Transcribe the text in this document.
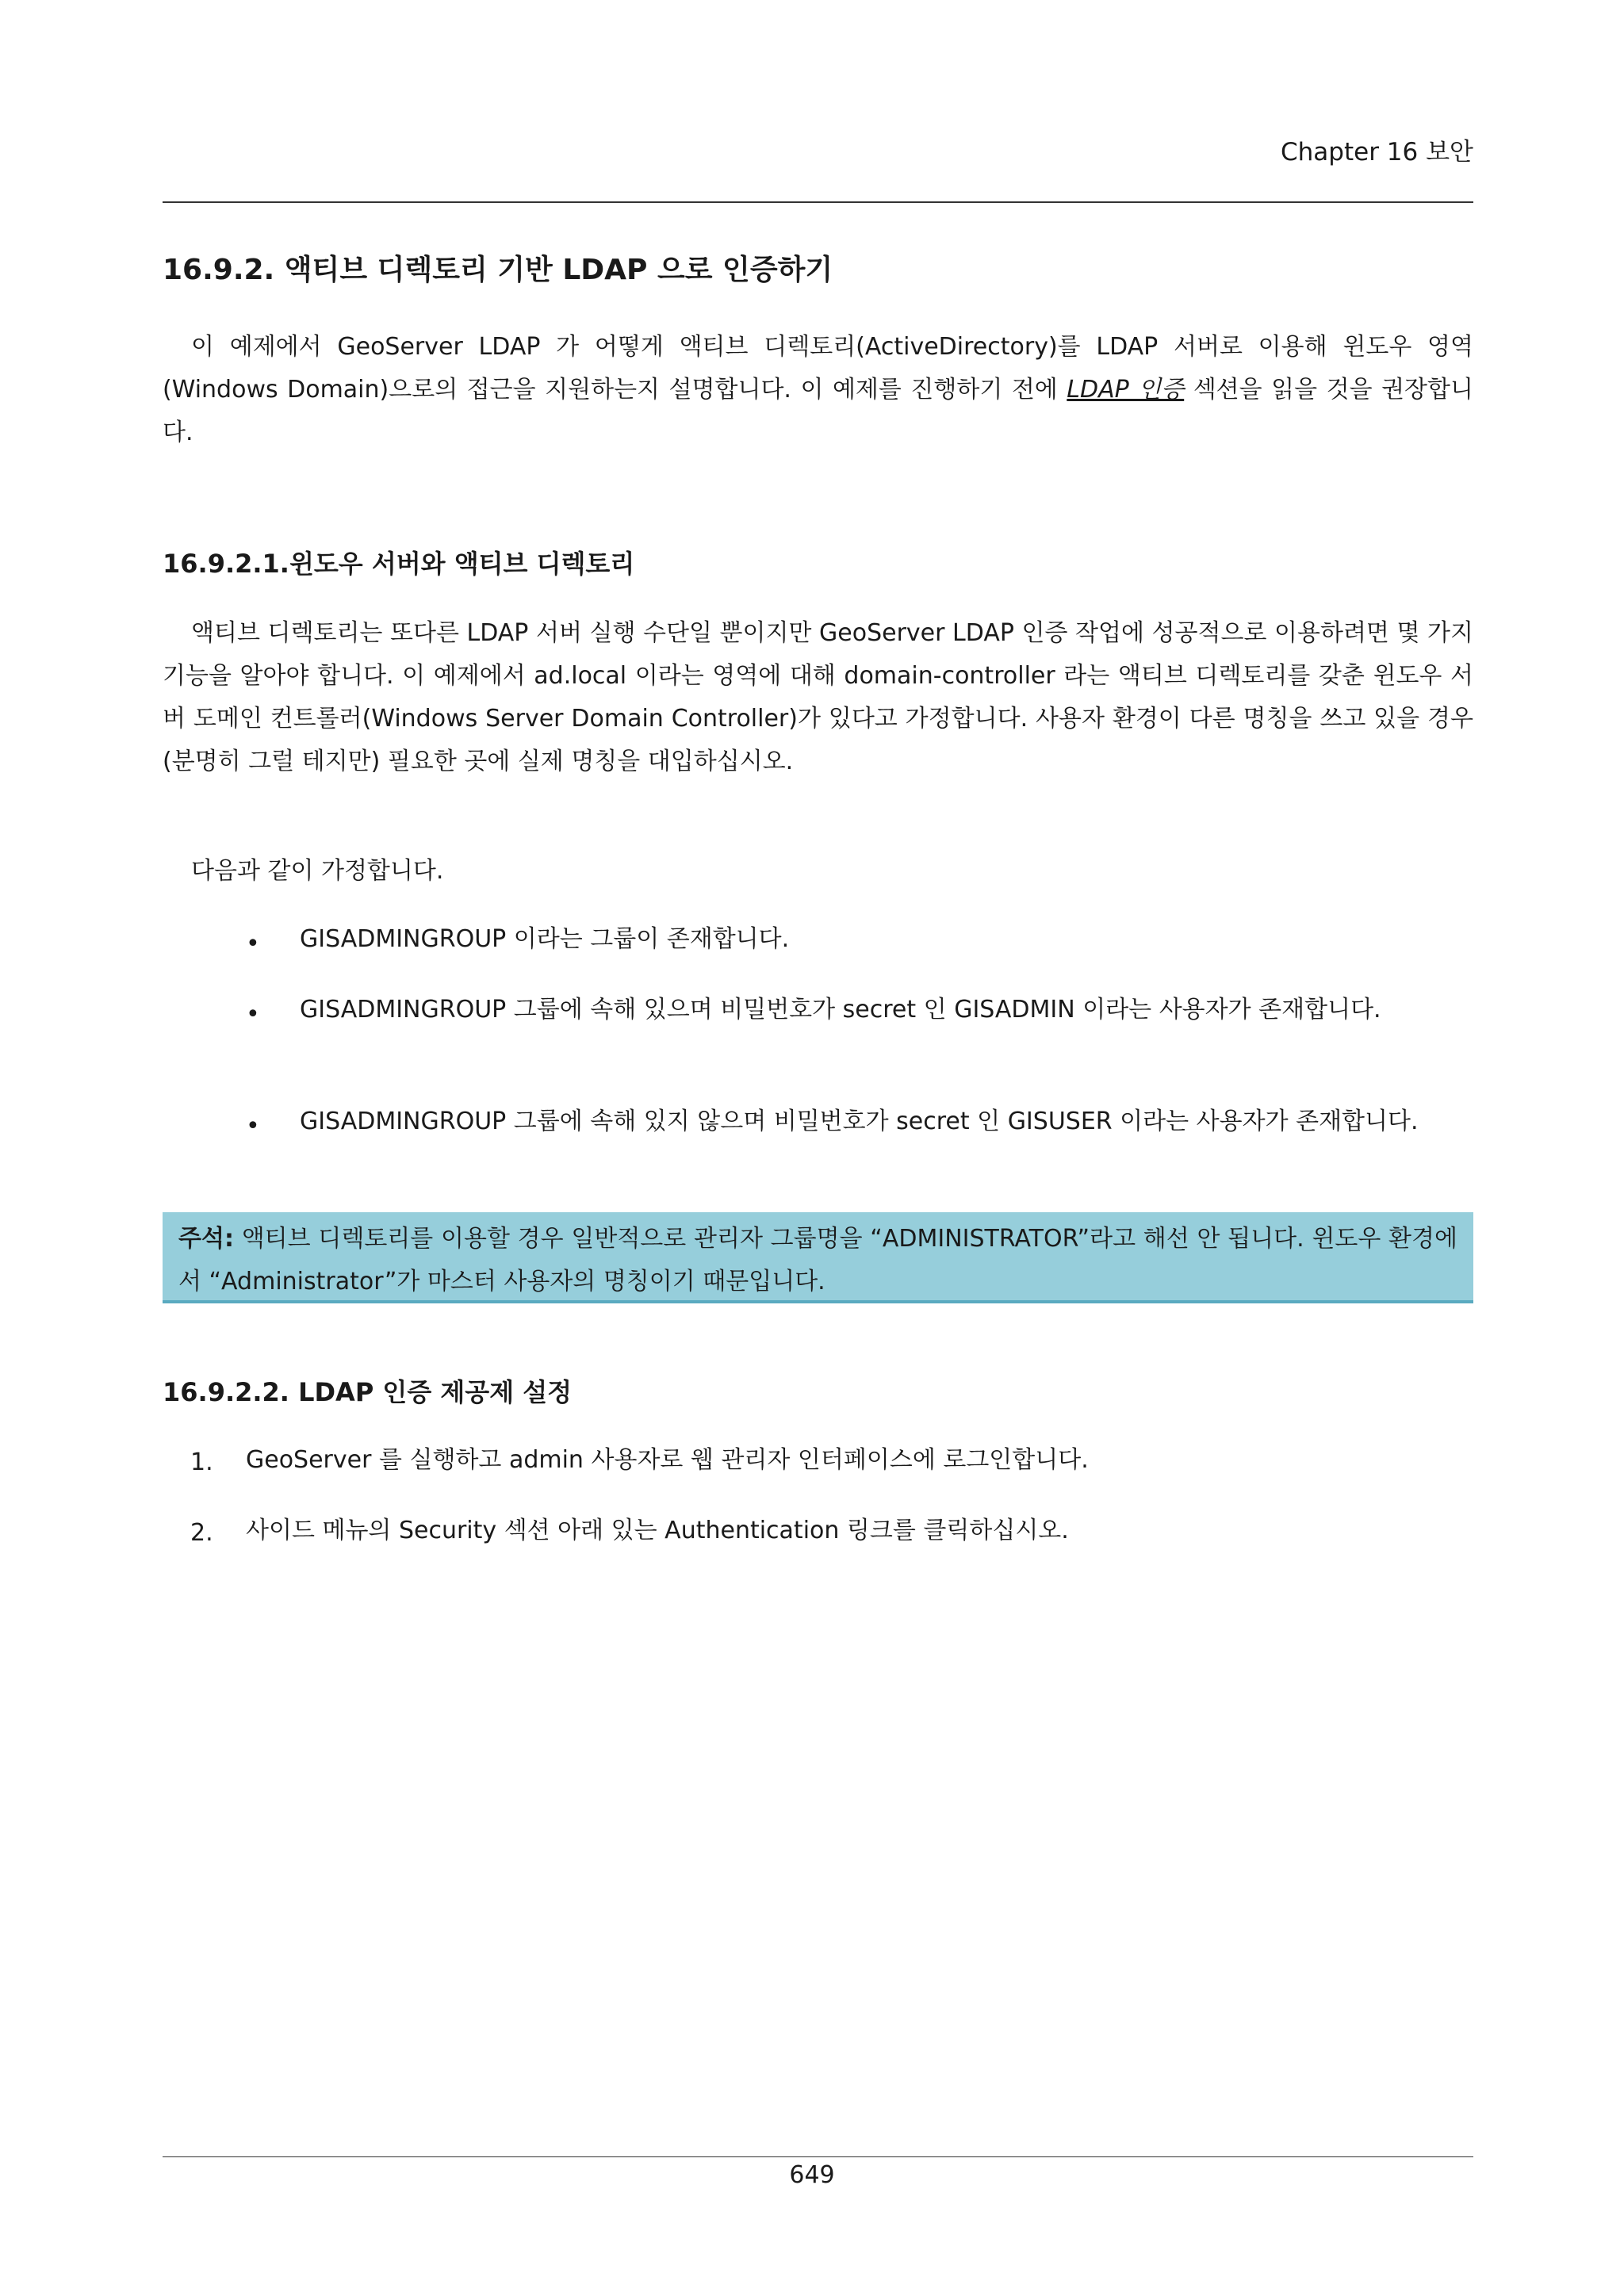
Chapter 16 보안
16.9.2. 액티브 디렉토리 기반 LDAP 으로 인증하기
이 예제에서 GeoServer LDAP 가 어떻게 액티브 디렉토리(ActiveDirectory)를 LDAP 서버로 이용해 윈도우 영역(Windows Domain)으로의 접근을 지원하는지 설명합니다. 이 예제를 진행하기 전에 LDAP 인증 섹션을 읽을 것을 권장합니다.
16.9.2.1.윈도우 서버와 액티브 디렉토리
액티브 디렉토리는 또다른 LDAP 서버 실행 수단일 뿐이지만 GeoServer LDAP 인증 작업에 성공적으로 이용하려면 몇 가지 기능을 알아야 합니다. 이 예제에서 ad.local 이라는 영역에 대해 domain-controller 라는 액티브 디렉토리를 갖춘 윈도우 서버 도메인 컨트롤러(Windows Server Domain Controller)가 있다고 가정합니다. 사용자 환경이 다른 명칭을 쓰고 있을 경우 (분명히 그럴 테지만) 필요한 곳에 실제 명칭을 대입하십시오.
다음과 같이 가정합니다.
• GISADMINGROUP 이라는 그룹이 존재합니다.
• GISADMINGROUP 그룹에 속해 있으며 비밀번호가 secret 인 GISADMIN 이라는 사용자가 존재합니다.
• GISADMINGROUP 그룹에 속해 있지 않으며 비밀번호가 secret 인 GISUSER 이라는 사용자가 존재합니다.
주석: 액티브 디렉토리를 이용할 경우 일반적으로 관리자 그룹명을 “ADMINISTRATOR”라고 해선 안 됩니다. 윈도우 환경에서 “Administrator”가 마스터 사용자의 명칭이기 때문입니다.
16.9.2.2. LDAP 인증 제공제 설정
1. GeoServer 를 실행하고 admin 사용자로 웹 관리자 인터페이스에 로그인합니다.
2. 사이드 메뉴의 Security 섹션 아래 있는 Authentication 링크를 클릭하십시오.
649
